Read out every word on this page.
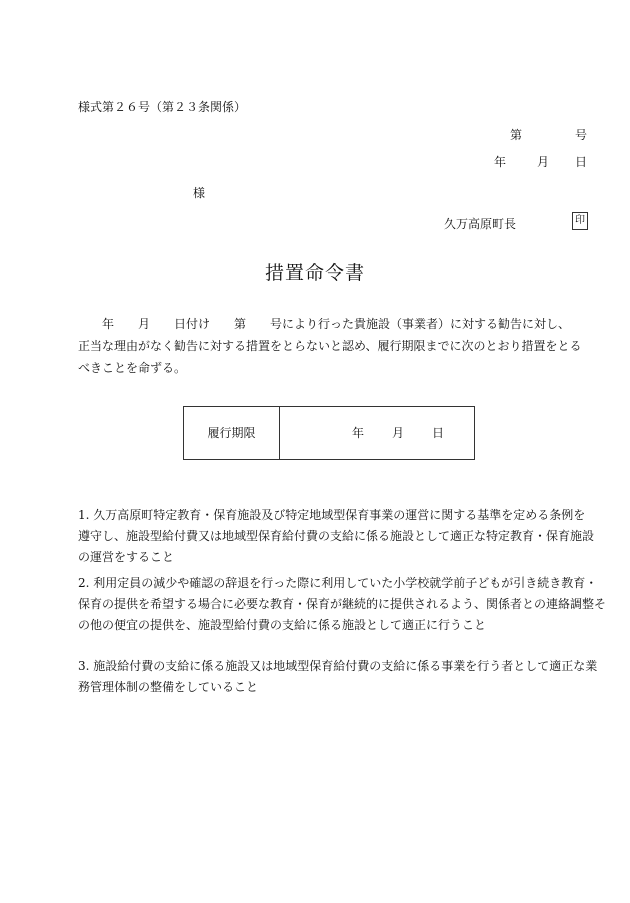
様式第２６号（第２３条関係）
第	号
年	月 日
様
久万高原町長	印
措置命令書
　　年　　月　　日付け　　第　　号により行った貴施設（事業者）に対する勧告に対し、
正当な理由がなく勧告に対する措置をとらないと認め、履行期限までに次のとおり措置をとる
べきことを命ずる。
履行期限	年 月 日
1. 久万高原町特定教育・保育施設及び特定地域型保育事業の運営に関する基準を定める条例を
遵守し、施設型給付費又は地域型保育給付費の支給に係る施設として適正な特定教育・保育施設
の運営をすること
2. 利用定員の減少や確認の辞退を行った際に利用していた小学校就学前子どもが引き続き教育・
保育の提供を希望する場合に必要な教育・保育が継続的に提供されるよう、関係者との連絡調整そ
の他の便宜の提供を、施設型給付費の支給に係る施設として適正に行うこと
3. 施設給付費の支給に係る施設又は地域型保育給付費の支給に係る事業を行う者として適正な業
務管理体制の整備をしていること
